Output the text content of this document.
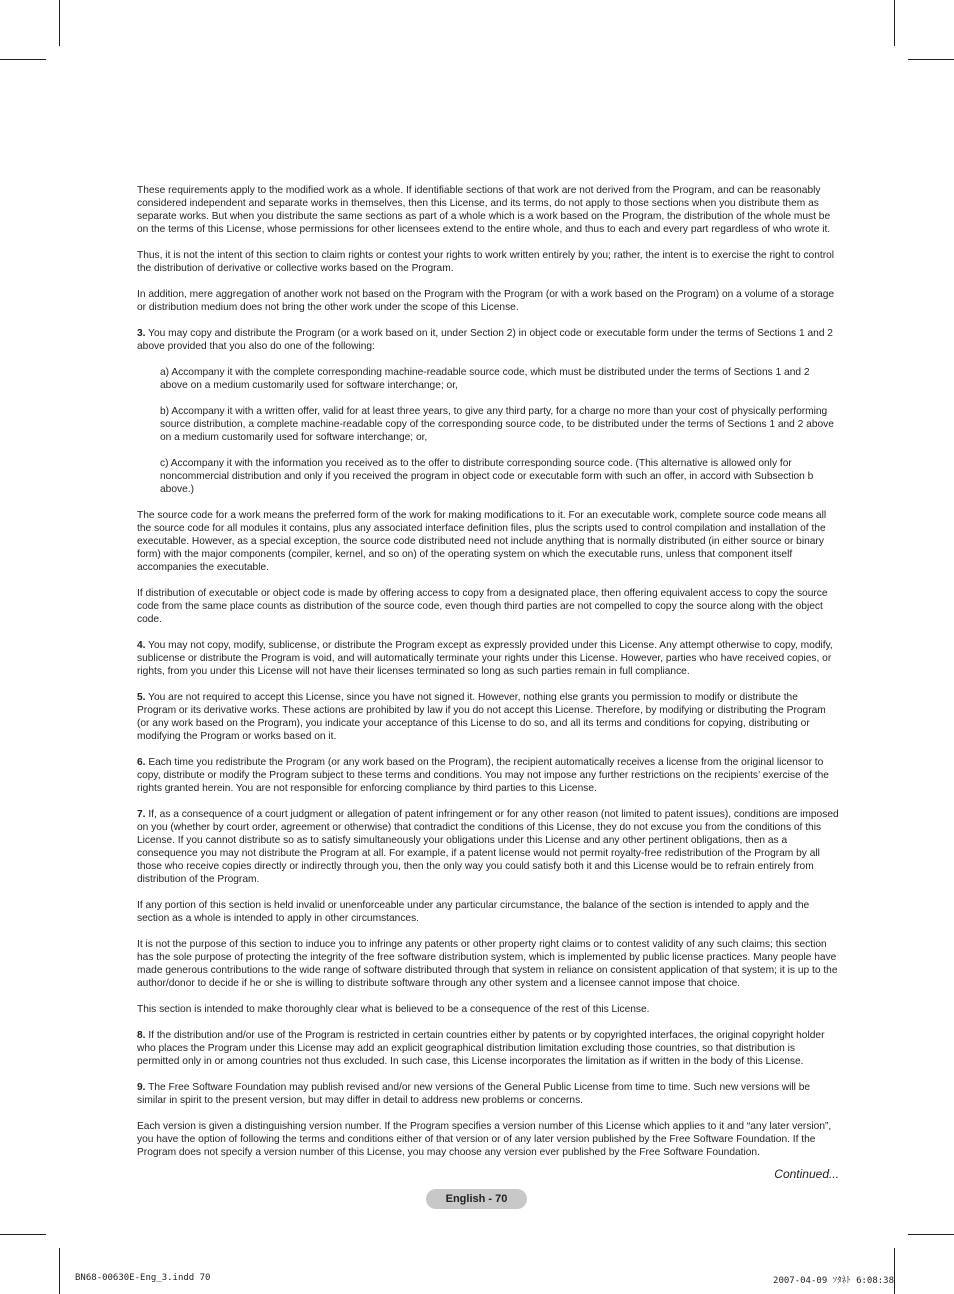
These requirements apply to the modified work as a whole. If identifiable sections of that work are not derived from the Program, and can be reasonably considered independent and separate works in themselves, then this License, and its terms, do not apply to those sections when you distribute them as separate works. But when you distribute the same sections as part of a whole which is a work based on the Program, the distribution of the whole must be on the terms of this License, whose permissions for other licensees extend to the entire whole, and thus to each and every part regardless of who wrote it.

Thus, it is not the intent of this section to claim rights or contest your rights to work written entirely by you; rather, the intent is to exercise the right to control the distribution of derivative or collective works based on the Program.

In addition, mere aggregation of another work not based on the Program with the Program (or with a work based on the Program) on a volume of a storage or distribution medium does not bring the other work under the scope of this License.

3. You may copy and distribute the Program (or a work based on it, under Section 2) in object code or executable form under the terms of Sections 1 and 2 above provided that you also do one of the following:

a) Accompany it with the complete corresponding machine-readable source code, which must be distributed under the terms of Sections 1 and 2 above on a medium customarily used for software interchange; or,

b) Accompany it with a written offer, valid for at least three years, to give any third party, for a charge no more than your cost of physically performing source distribution, a complete machine-readable copy of the corresponding source code, to be distributed under the terms of Sections 1 and 2 above on a medium customarily used for software interchange; or,

c) Accompany it with the information you received as to the offer to distribute corresponding source code. (This alternative is allowed only for noncommercial distribution and only if you received the program in object code or executable form with such an offer, in accord with Subsection b above.)

The source code for a work means the preferred form of the work for making modifications to it. For an executable work, complete source code means all the source code for all modules it contains, plus any associated interface definition files, plus the scripts used to control compilation and installation of the executable. However, as a special exception, the source code distributed need not include anything that is normally distributed (in either source or binary form) with the major components (compiler, kernel, and so on) of the operating system on which the executable runs, unless that component itself accompanies the executable.

If distribution of executable or object code is made by offering access to copy from a designated place, then offering equivalent access to copy the source code from the same place counts as distribution of the source code, even though third parties are not compelled to copy the source along with the object code.

4. You may not copy, modify, sublicense, or distribute the Program except as expressly provided under this License. Any attempt otherwise to copy, modify, sublicense or distribute the Program is void, and will automatically terminate your rights under this License. However, parties who have received copies, or rights, from you under this License will not have their licenses terminated so long as such parties remain in full compliance.

5. You are not required to accept this License, since you have not signed it. However, nothing else grants you permission to modify or distribute the Program or its derivative works. These actions are prohibited by law if you do not accept this License. Therefore, by modifying or distributing the Program (or any work based on the Program), you indicate your acceptance of this License to do so, and all its terms and conditions for copying, distributing or modifying the Program or works based on it.

6. Each time you redistribute the Program (or any work based on the Program), the recipient automatically receives a license from the original licensor to copy, distribute or modify the Program subject to these terms and conditions. You may not impose any further restrictions on the recipients’ exercise of the rights granted herein. You are not responsible for enforcing compliance by third parties to this License.

7. If, as a consequence of a court judgment or allegation of patent infringement or for any other reason (not limited to patent issues), conditions are imposed on you (whether by court order, agreement or otherwise) that contradict the conditions of this License, they do not excuse you from the conditions of this License. If you cannot distribute so as to satisfy simultaneously your obligations under this License and any other pertinent obligations, then as a consequence you may not distribute the Program at all. For example, if a patent license would not permit royalty-free redistribution of the Program by all those who receive copies directly or indirectly through you, then the only way you could satisfy both it and this License would be to refrain entirely from distribution of the Program.

If any portion of this section is held invalid or unenforceable under any particular circumstance, the balance of the section is intended to apply and the section as a whole is intended to apply in other circumstances.

It is not the purpose of this section to induce you to infringe any patents or other property right claims or to contest validity of any such claims; this section has the sole purpose of protecting the integrity of the free software distribution system, which is implemented by public license practices. Many people have made generous contributions to the wide range of software distributed through that system in reliance on consistent application of that system; it is up to the author/donor to decide if he or she is willing to distribute software through any other system and a licensee cannot impose that choice.

This section is intended to make thoroughly clear what is believed to be a consequence of the rest of this License.

8. If the distribution and/or use of the Program is restricted in certain countries either by patents or by copyrighted interfaces, the original copyright holder who places the Program under this License may add an explicit geographical distribution limitation excluding those countries, so that distribution is permitted only in or among countries not thus excluded. In such case, this License incorporates the limitation as if written in the body of this License.

9. The Free Software Foundation may publish revised and/or new versions of the General Public License from time to time. Such new versions will be similar in spirit to the present version, but may differ in detail to address new problems or concerns.

Each version is given a distinguishing version number. If the Program specifies a version number of this License which applies to it and “any later version”, you have the option of following the terms and conditions either of that version or of any later version published by the Free Software Foundation. If the Program does not specify a version number of this License, you may choose any version ever published by the Free Software Foundation.

Continued...
English - 70
BN68-00630E-Eng_3.indd 70	2007-04-09 ｿﾀﾈﾄ 6:08:38
